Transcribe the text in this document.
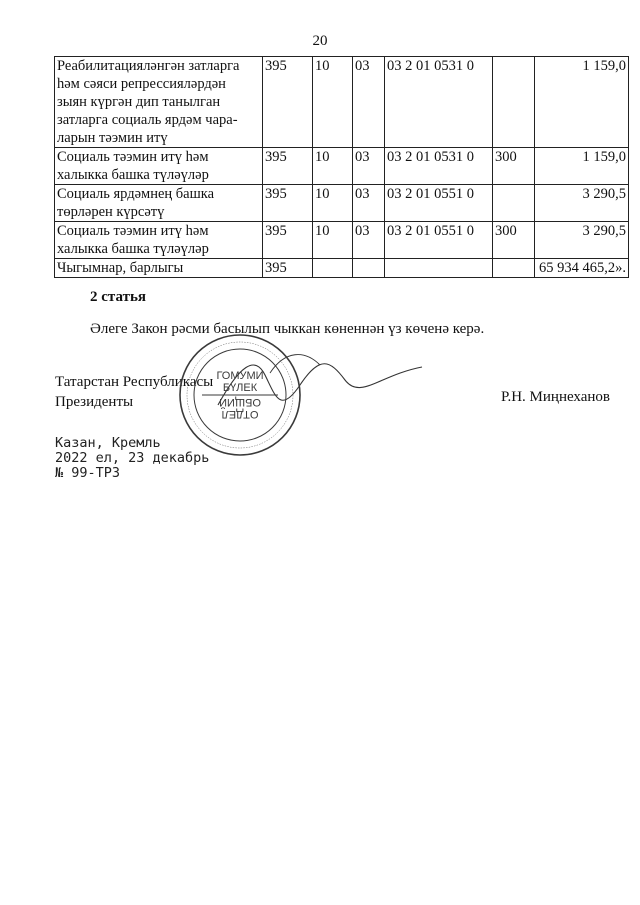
20
Реабилитацияләнгән затларга
һәм сәяси репрессияләрдән
зыян күргән дип танылган
затларга социаль ярдәм чара-
ларын тәэмин итү	395	10	03	03 2 01 0531 0		1 159,0

Социаль тәэмин итү һәм
халыкка башка түләүләр	395	10	03	03 2 01 0531 0	300	1 159,0

Социаль ярдәмнең башка
төрләрен күрсәтү	395	10	03	03 2 01 0551 0		3 290,5

Социаль тәэмин итү һәм
халыкка башка түләүләр	395	10	03	03 2 01 0551 0	300	3 290,5
Чыгымнар, барлыгы	395					65 934 465,2».
2 статья
Әлеге Закон рәсми басылып чыккан көненнән үз көченә керә.
Татарстан Республикасы
Президенты	Р.Н. Миңнеханов
ГОМУМИ
БҮЛЕК
ОТДЕЛ
ОБЩИЙ
Казан, Кремль
2022 ел, 23 декабрь
№ 99-ТРЗ
